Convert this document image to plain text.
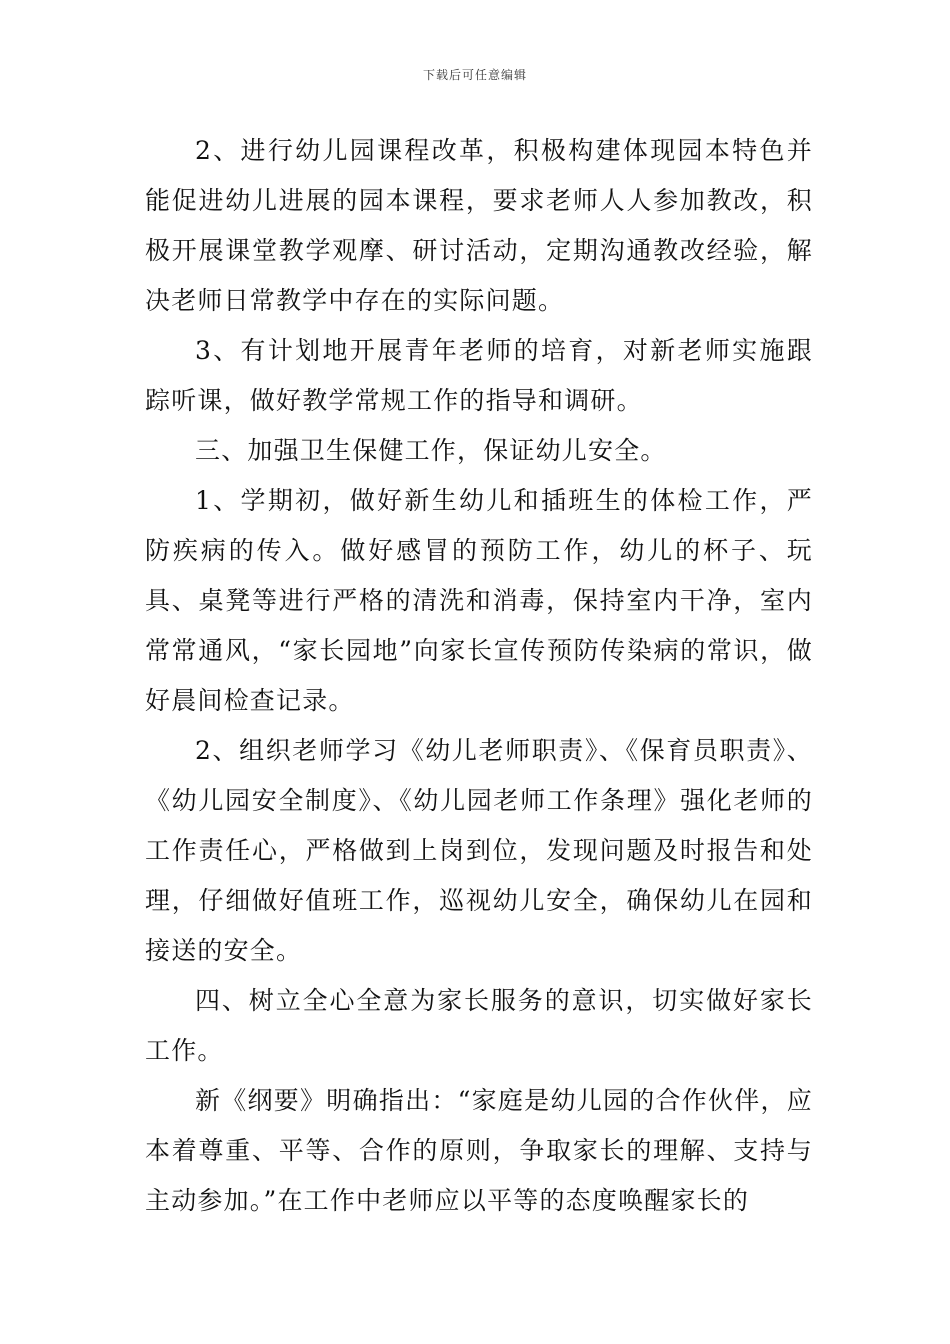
下载后可任意编辑

2、进行幼儿园课程改革，积极构建体现园本特色并能促进幼儿进展的园本课程，要求老师人人参加教改，积极开展课堂教学观摩、研讨活动，定期沟通教改经验，解决老师日常教学中存在的实际问题。

3、有计划地开展青年老师的培育，对新老师实施跟踪听课，做好教学常规工作的指导和调研。

三、加强卫生保健工作，保证幼儿安全。

1、学期初，做好新生幼儿和插班生的体检工作，严防疾病的传入。做好感冒的预防工作，幼儿的杯子、玩具、桌凳等进行严格的清洗和消毒，保持室内干净，室内常常通风，“家长园地”向家长宣传预防传染病的常识，做好晨间检查记录。

2、组织老师学习《幼儿老师职责》、《保育员职责》、《幼儿园安全制度》、《幼儿园老师工作条理》强化老师的工作责任心，严格做到上岗到位，发现问题及时报告和处理，仔细做好值班工作，巡视幼儿安全，确保幼儿在园和接送的安全。

四、树立全心全意为家长服务的意识，切实做好家长工作。

新《纲要》明确指出：“家庭是幼儿园的合作伙伴，应本着尊重、平等、合作的原则，争取家长的理解、支持与主动参加。”在工作中老师应以平等的态度唤醒家长的
